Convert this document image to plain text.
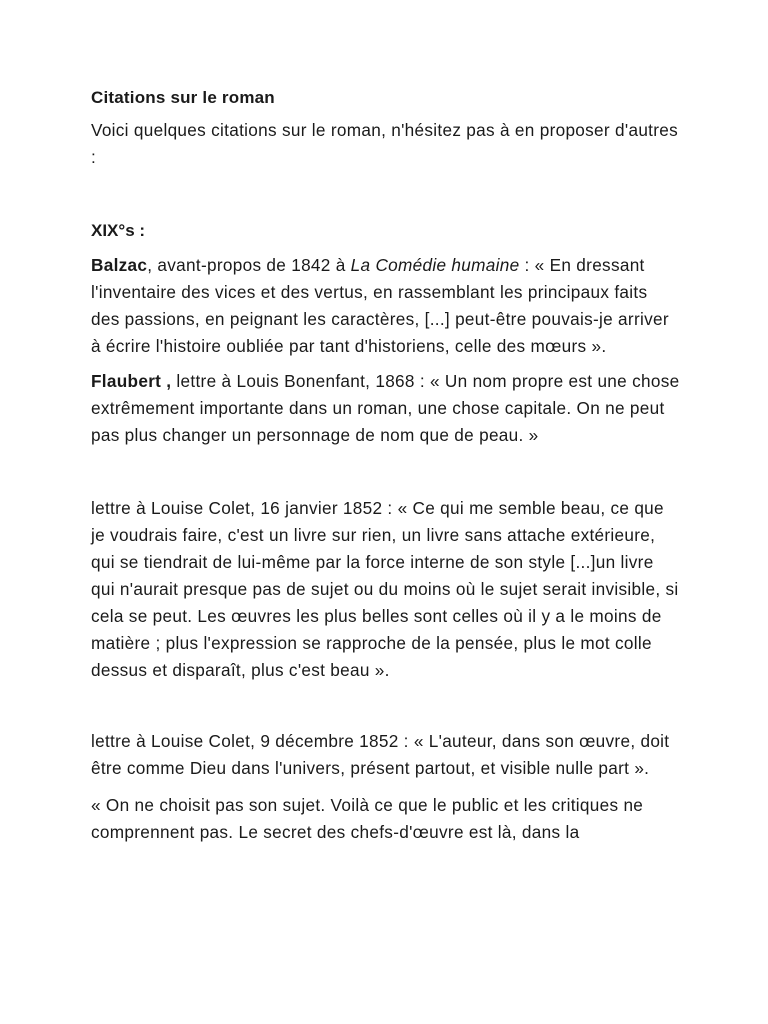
Citations sur le roman

Voici quelques citations sur le roman, n'hésitez pas à en proposer d'autres :

XIX°s :

Balzac, avant-propos de 1842 à La Comédie humaine : « En dressant l'inventaire des vices et des vertus, en rassemblant les principaux faits des passions, en peignant les caractères, [...] peut-être pouvais-je arriver à écrire l'histoire oubliée par tant d'historiens, celle des mœurs ».

Flaubert , lettre à Louis Bonenfant, 1868 : « Un nom propre est une chose extrêmement importante dans un roman, une chose capitale. On ne peut pas plus changer un personnage de nom que de peau. »

lettre à Louise Colet, 16 janvier 1852 : « Ce qui me semble beau, ce que je voudrais faire, c'est un livre sur rien, un livre sans attache extérieure, qui se tiendrait de lui-même par la force interne de son style [...]un livre qui n'aurait presque pas de sujet ou du moins où le sujet serait invisible, si cela se peut. Les œuvres les plus belles sont celles où il y a le moins de matière ; plus l'expression se rapproche de la pensée, plus le mot colle dessus et disparaît, plus c'est beau ».

lettre à Louise Colet, 9 décembre 1852 : « L'auteur, dans son œuvre, doit être comme Dieu dans l'univers, présent partout, et visible nulle part ».

« On ne choisit pas son sujet. Voilà ce que le public et les critiques ne comprennent pas. Le secret des chefs-d'œuvre est là, dans la
